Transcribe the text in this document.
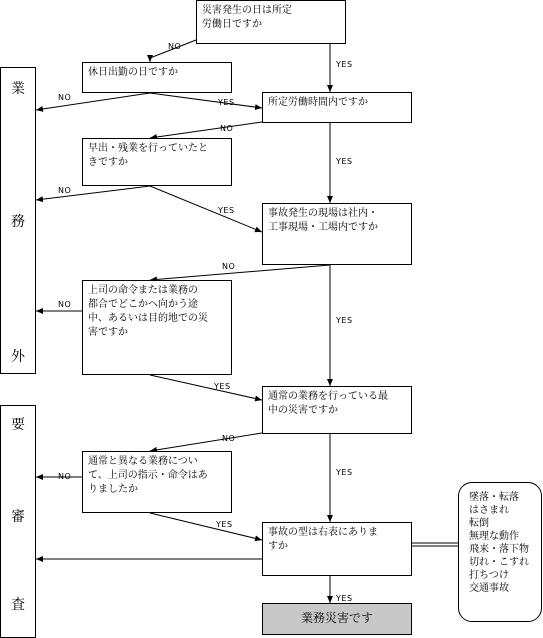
業
務
外
要
審
査
災害発生の日は所定
労働日ですか
休日出勤の日ですか
所定労働時間内ですか
早出・残業を行っていたと
きですか
事故発生の現場は社内・
工事現場・工場内ですか
上司の命令または業務の
都合でどこかへ向かう途
中、あるいは目的地での災
害ですか
通常の業務を行っている最
中の災害ですか
通常と異なる業務につい
て、上司の指示・命令はあ
りましたか
事故の型は右表にありま
すか
業務災害です
墜落・転落
はさまれ
転倒
無理な動作
飛来・落下物
切れ・こすれ
打ちつけ
交通事故
NO
YES
NO
YES
NO
YES
NO
YES
NO
NO
YES
YES
NO
YES
NO
YES
YES
